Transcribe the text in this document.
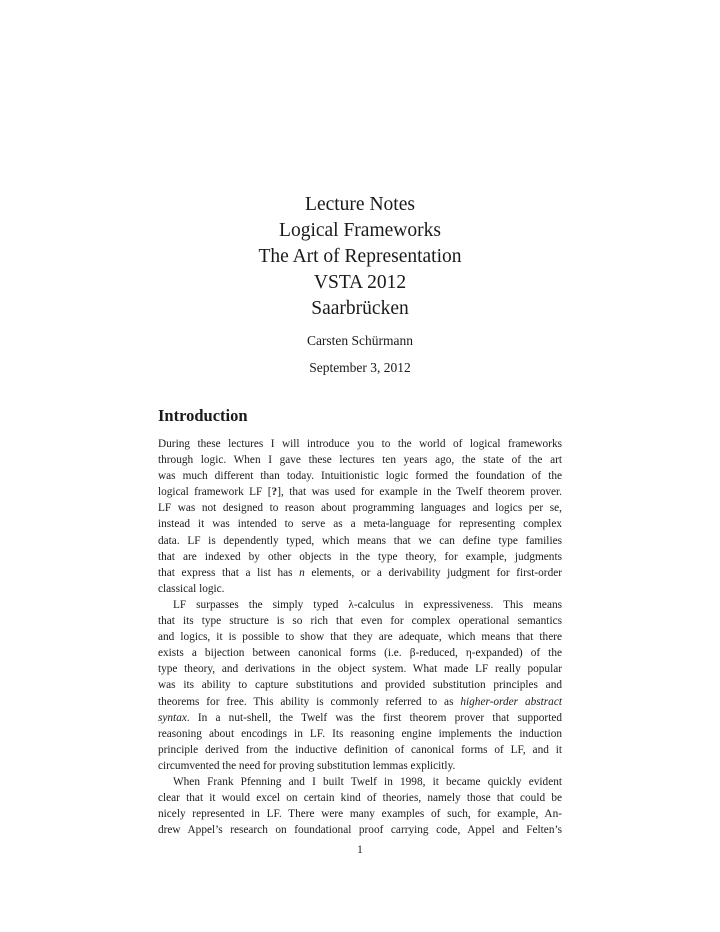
Lecture Notes
Logical Frameworks
The Art of Representation
VSTA 2012
Saarbrücken
Carsten Schürmann
September 3, 2012
Introduction
During these lectures I will introduce you to the world of logical frameworks
through logic. When I gave these lectures ten years ago, the state of the art
was much different than today. Intuitionistic logic formed the foundation of the
logical framework LF [?], that was used for example in the Twelf theorem prover.
LF was not designed to reason about programming languages and logics per se,
instead it was intended to serve as a meta-language for representing complex
data. LF is dependently typed, which means that we can define type families
that are indexed by other objects in the type theory, for example, judgments
that express that a list has n elements, or a derivability judgment for first-order
classical logic.
LF surpasses the simply typed λ-calculus in expressiveness. This means
that its type structure is so rich that even for complex operational semantics
and logics, it is possible to show that they are adequate, which means that there
exists a bijection between canonical forms (i.e. β-reduced, η-expanded) of the
type theory, and derivations in the object system. What made LF really popular
was its ability to capture substitutions and provided substitution principles and
theorems for free. This ability is commonly referred to as higher-order abstract
syntax. In a nut-shell, the Twelf was the first theorem prover that supported
reasoning about encodings in LF. Its reasoning engine implements the induction
principle derived from the inductive definition of canonical forms of LF, and it
circumvented the need for proving substitution lemmas explicitly.
When Frank Pfenning and I built Twelf in 1998, it became quickly evident
clear that it would excel on certain kind of theories, namely those that could be
nicely represented in LF. There were many examples of such, for example, An-
drew Appel’s research on foundational proof carrying code, Appel and Felten’s
1
